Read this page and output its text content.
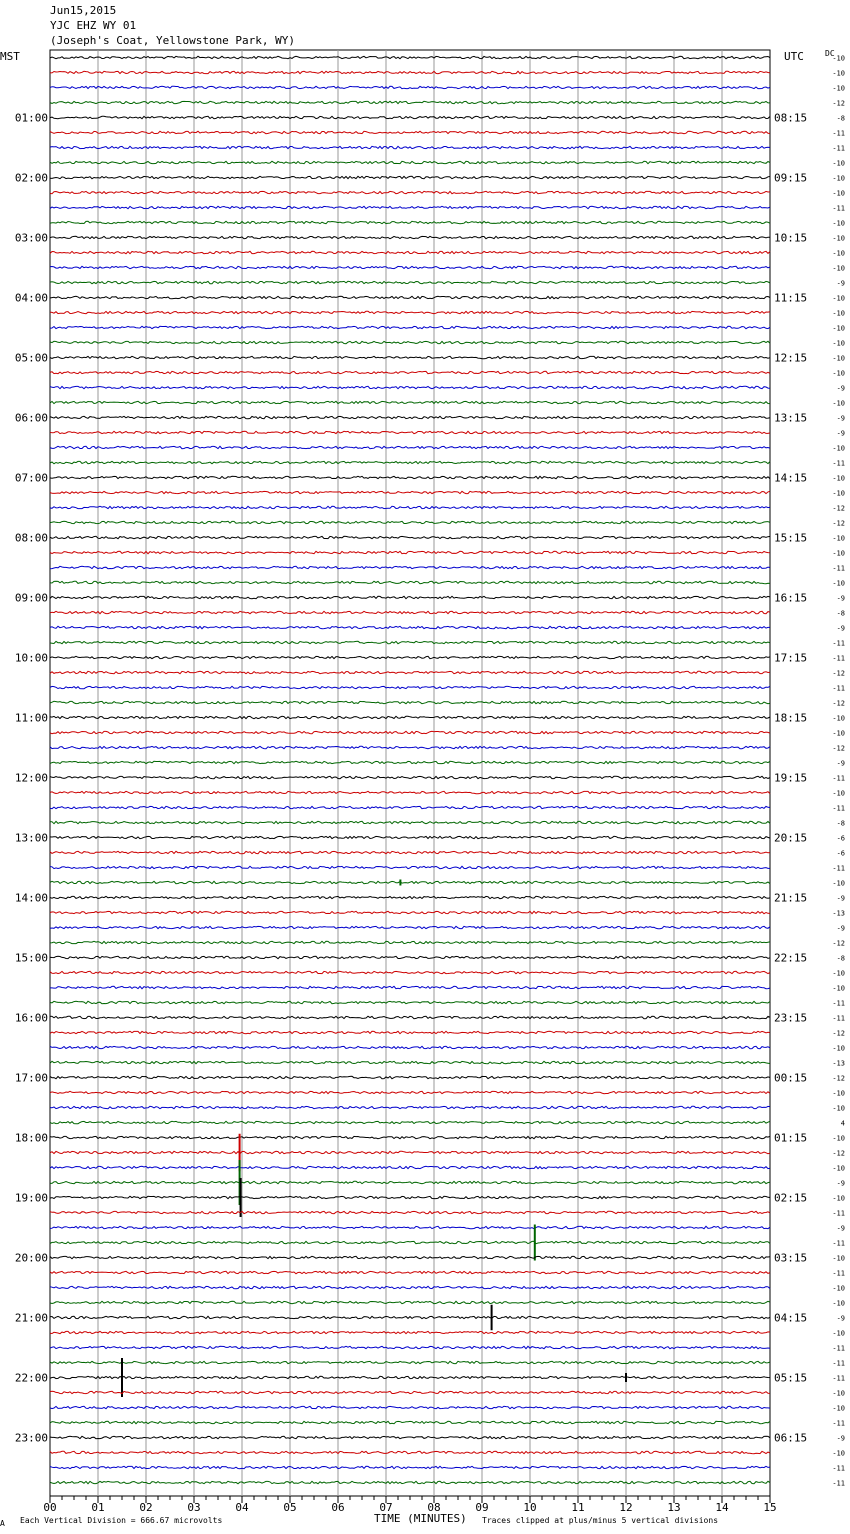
Jun15,2015
YJC EHZ WY 01
(Joseph's Coat, Yellowstone Park, WY)
MST	UTC	DC
-10
-10
-10
-12
-8
-11
-11
-10
-10
-10
-11
-10
-10
-10
-10
-9
-10
-10
-10
-10
-10
-10
-9
-10
-9
-9
-10
-11
-10
-10
-12
-12
-10
-10
-11
-10
-9
-8
-9
-11
-11
-12
-11
-12
-10
-10
-12
-9
-11
-10
-11
-8
-6
-6
-11
-10
-9
-13
-9
-12
-8
-10
-10
-11
-11
-12
-10
-13
-12
-10
-10
4
-10
-12
-10
-9
-10
-11
-9
-11
-10
-11
-10
-10
-9
-10
-11
-11
-11
-10
-10
-11
-9
-10
-11
-11
01:00
02:00
03:00
04:00
05:00
06:00
07:00
08:00
09:00
10:00
11:00
12:00
13:00
14:00
15:00
16:00
17:00
18:00
19:00
20:00
21:00
22:00
23:00
08:15
09:15
10:15
11:15
12:15
13:15
14:15
15:15
16:15
17:15
18:15
19:15
20:15
21:15
22:15
23:15
00:15
01:15
02:15
03:15
04:15
05:15
06:15
00	01	02	03	04	05	06	07	08	09	10	11	12	13	14	15
A Each Vertical Division = 666.67 microvolts	Traces clipped at plus/minus 5 vertical divisions
TIME (MINUTES)
